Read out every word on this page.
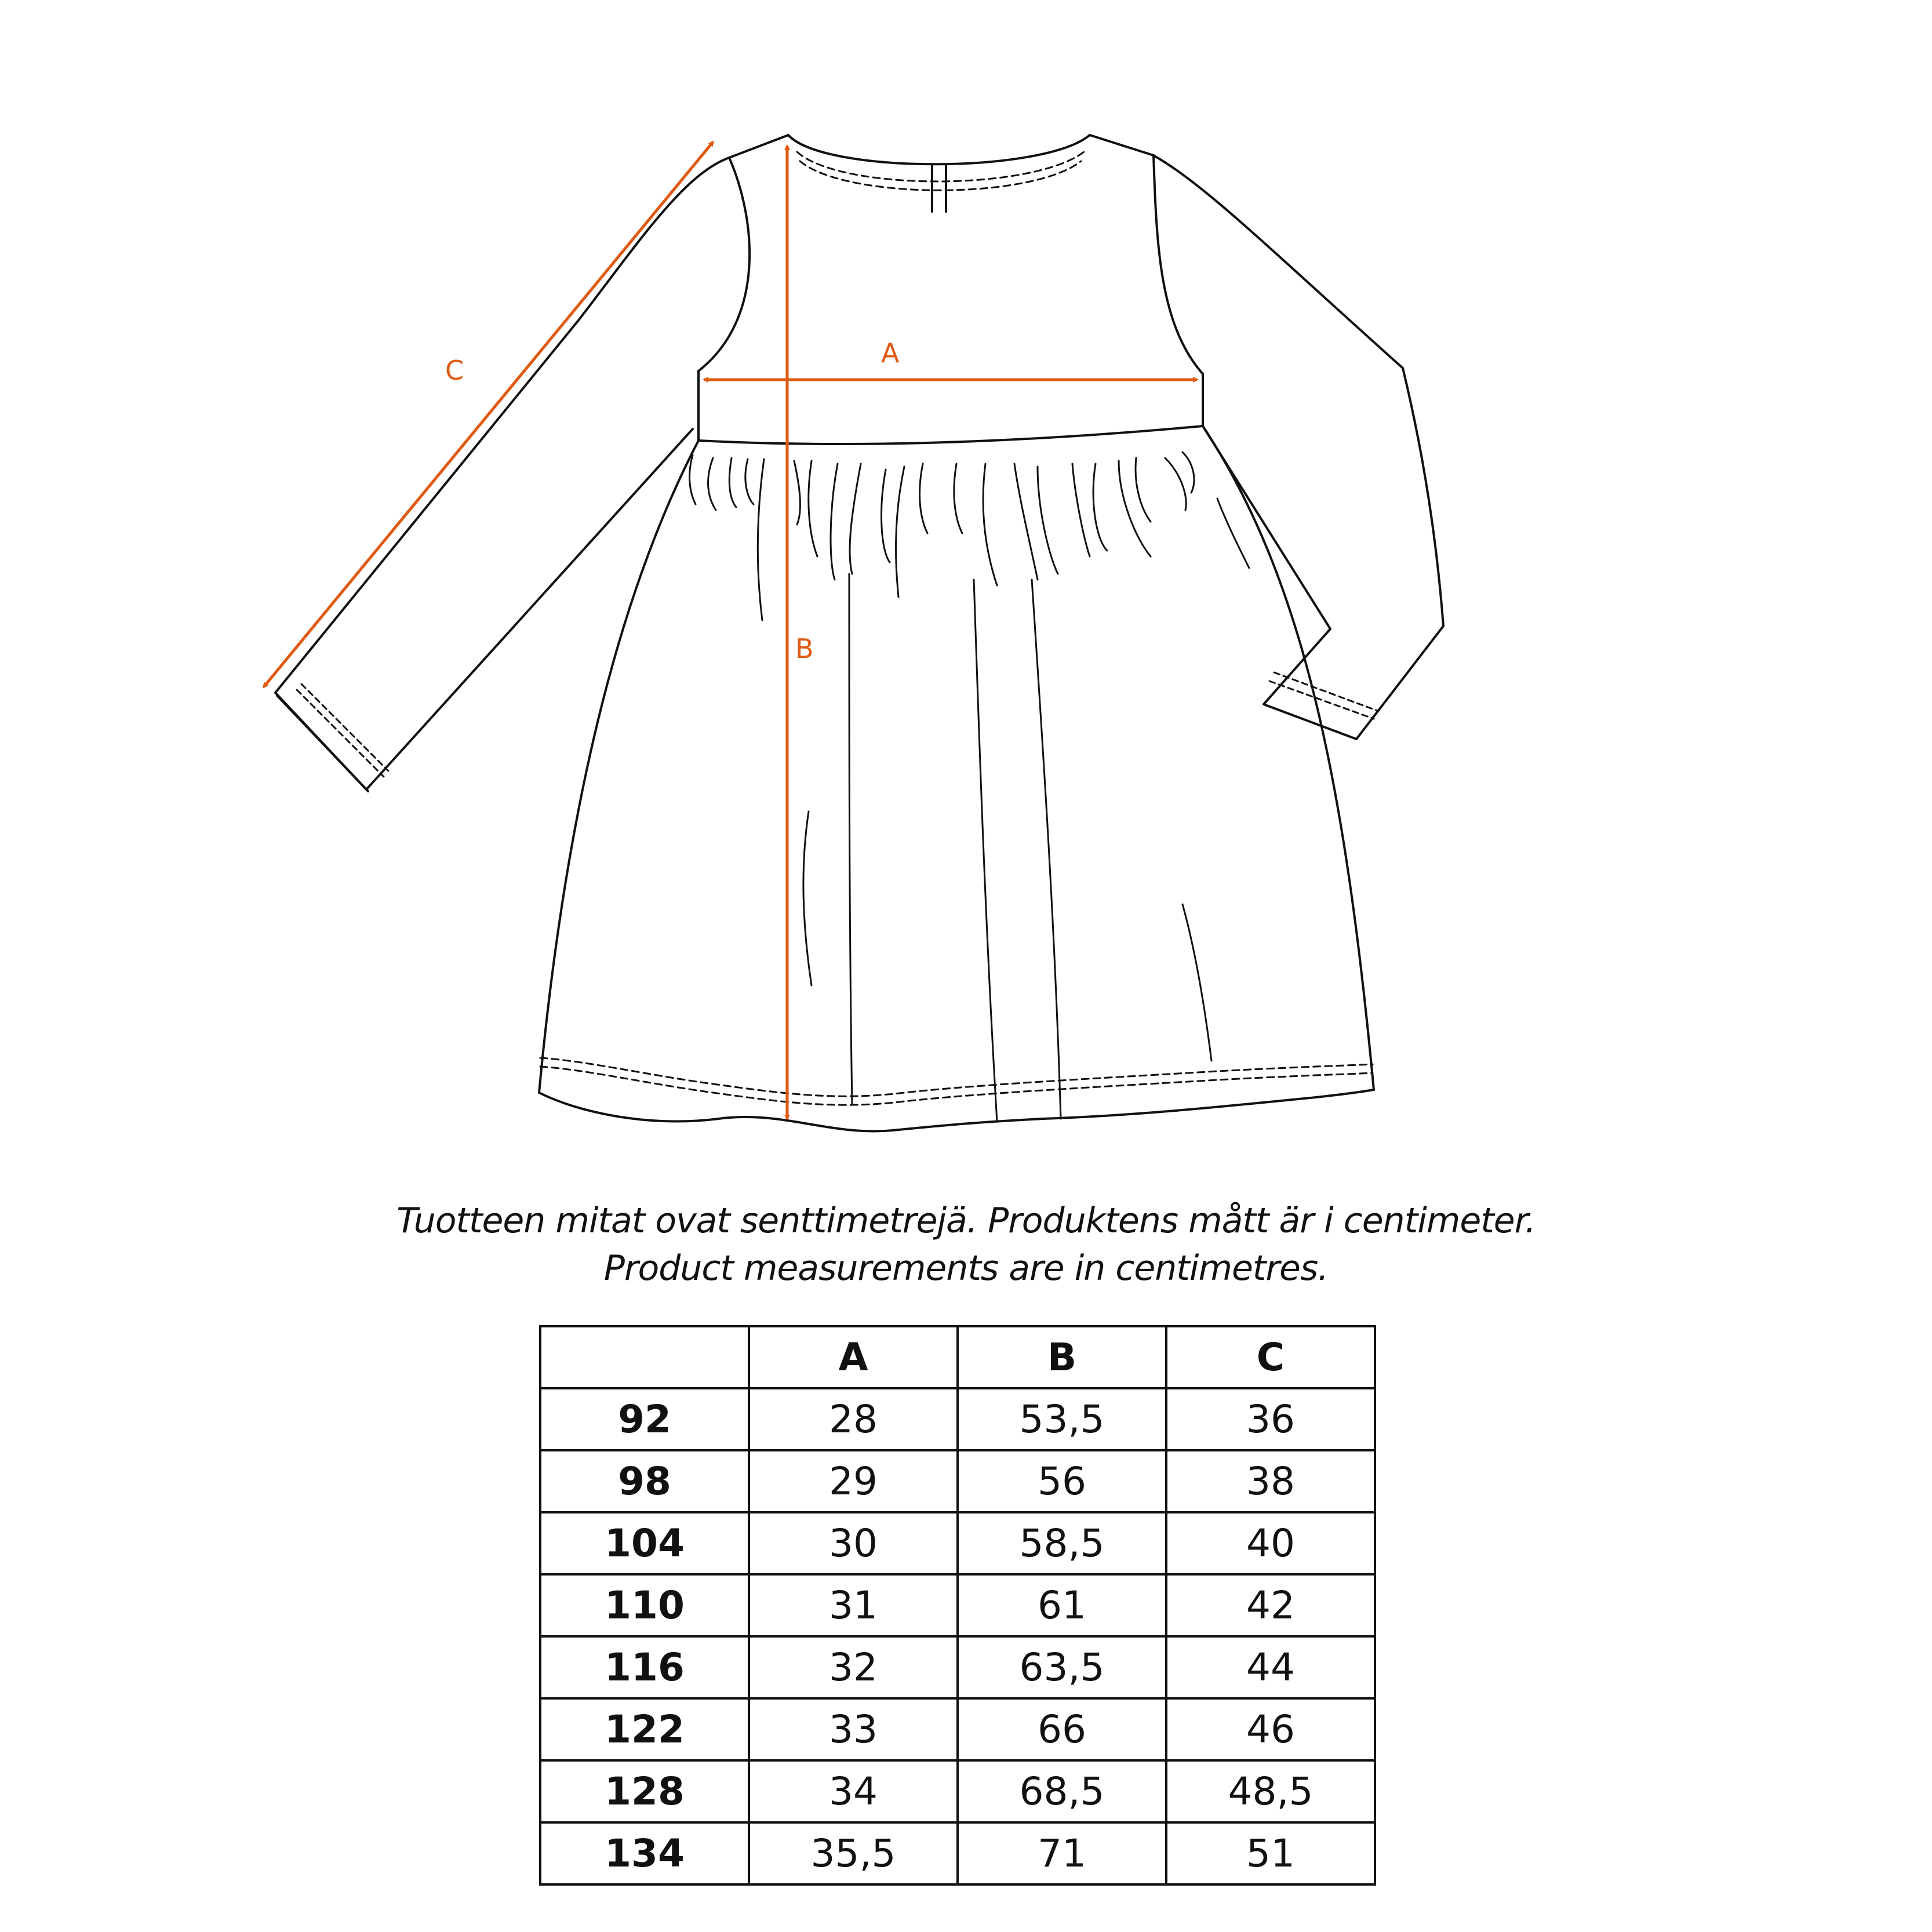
A
B
C
Tuotteen mitat ovat senttimetrejä. Produktens mått är i centimeter.
Product measurements are in centimetres.
	A	B	C
92	28	53,5	36
98	29	56	38
104	30	58,5	40
110	31	61	42
116	32	63,5	44
122	33	66	46
128	34	68,5	48,5
134	35,5	71	51
